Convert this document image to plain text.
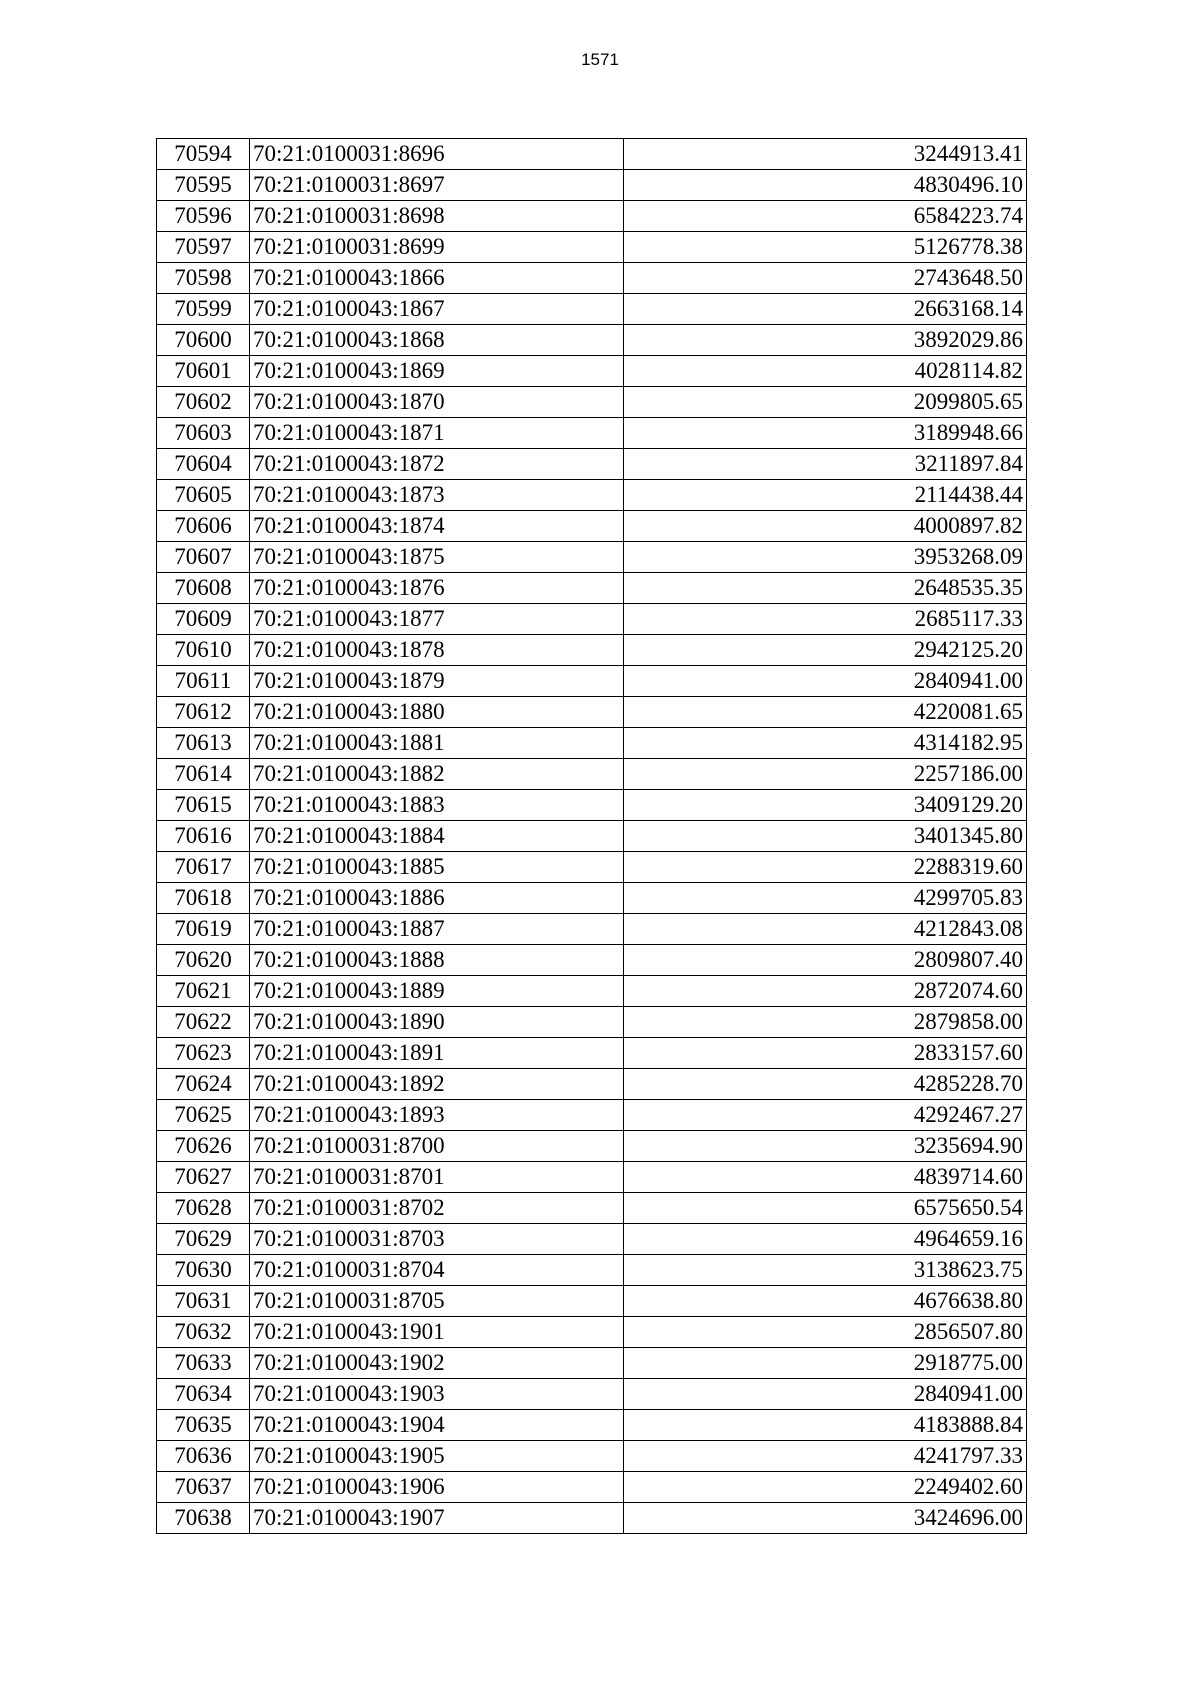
1571
70594	70:21:0100031:8696	3244913.41
70595	70:21:0100031:8697	4830496.10
70596	70:21:0100031:8698	6584223.74
70597	70:21:0100031:8699	5126778.38
70598	70:21:0100043:1866	2743648.50
70599	70:21:0100043:1867	2663168.14
70600	70:21:0100043:1868	3892029.86
70601	70:21:0100043:1869	4028114.82
70602	70:21:0100043:1870	2099805.65
70603	70:21:0100043:1871	3189948.66
70604	70:21:0100043:1872	3211897.84
70605	70:21:0100043:1873	2114438.44
70606	70:21:0100043:1874	4000897.82
70607	70:21:0100043:1875	3953268.09
70608	70:21:0100043:1876	2648535.35
70609	70:21:0100043:1877	2685117.33
70610	70:21:0100043:1878	2942125.20
70611	70:21:0100043:1879	2840941.00
70612	70:21:0100043:1880	4220081.65
70613	70:21:0100043:1881	4314182.95
70614	70:21:0100043:1882	2257186.00
70615	70:21:0100043:1883	3409129.20
70616	70:21:0100043:1884	3401345.80
70617	70:21:0100043:1885	2288319.60
70618	70:21:0100043:1886	4299705.83
70619	70:21:0100043:1887	4212843.08
70620	70:21:0100043:1888	2809807.40
70621	70:21:0100043:1889	2872074.60
70622	70:21:0100043:1890	2879858.00
70623	70:21:0100043:1891	2833157.60
70624	70:21:0100043:1892	4285228.70
70625	70:21:0100043:1893	4292467.27
70626	70:21:0100031:8700	3235694.90
70627	70:21:0100031:8701	4839714.60
70628	70:21:0100031:8702	6575650.54
70629	70:21:0100031:8703	4964659.16
70630	70:21:0100031:8704	3138623.75
70631	70:21:0100031:8705	4676638.80
70632	70:21:0100043:1901	2856507.80
70633	70:21:0100043:1902	2918775.00
70634	70:21:0100043:1903	2840941.00
70635	70:21:0100043:1904	4183888.84
70636	70:21:0100043:1905	4241797.33
70637	70:21:0100043:1906	2249402.60
70638	70:21:0100043:1907	3424696.00
